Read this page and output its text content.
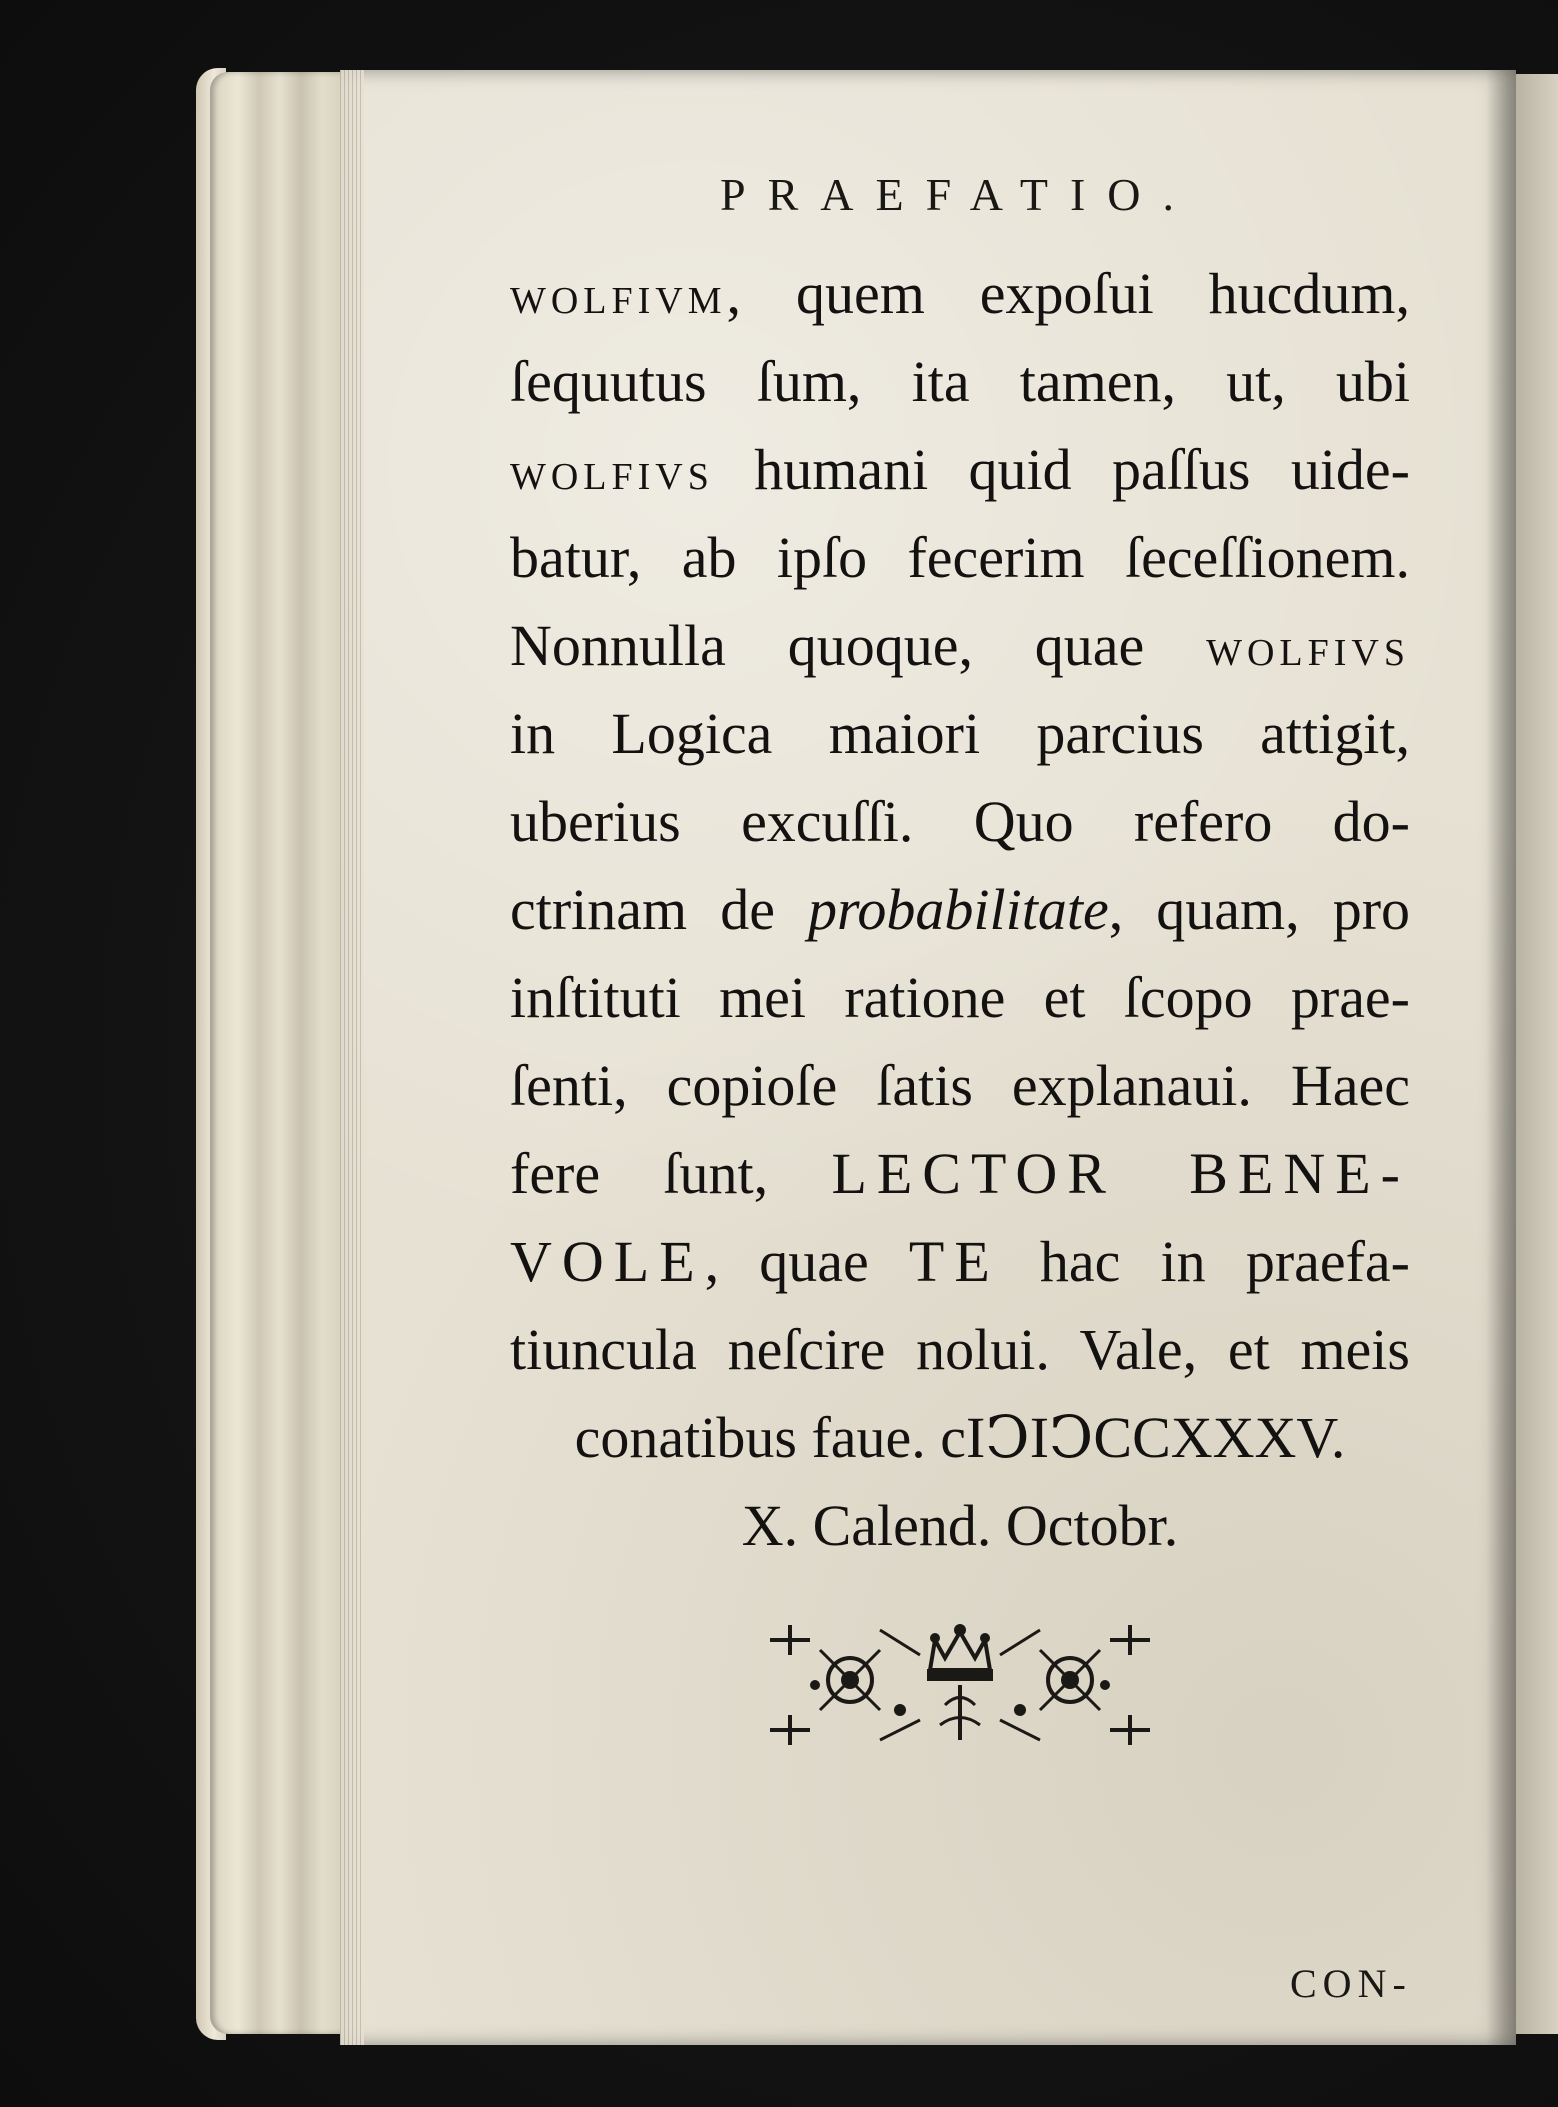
PRAEFATIO.
wolfivm, quem expoſui hucdum,
ſequutus ſum, ita tamen, ut, ubi
wolfivs humani quid paſſus uide-
batur, ab ipſo fecerim ſeceſſionem.
Nonnulla quoque, quae wolfivs
in Logica maiori parcius attigit,
uberius excuſſi. Quo refero do-
ctrinam de probabilitate, quam, pro
inſtituti mei ratione et ſcopo prae-
ſenti, copioſe ſatis explanaui. Haec
fere ſunt, LECTOR BENE-
VOLE, quae TE hac in praefa-
tiuncula neſcire nolui. Vale, et meis
conatibus faue. cIↃIↃCCXXXV.
X. Calend. Octobr.
CON-
